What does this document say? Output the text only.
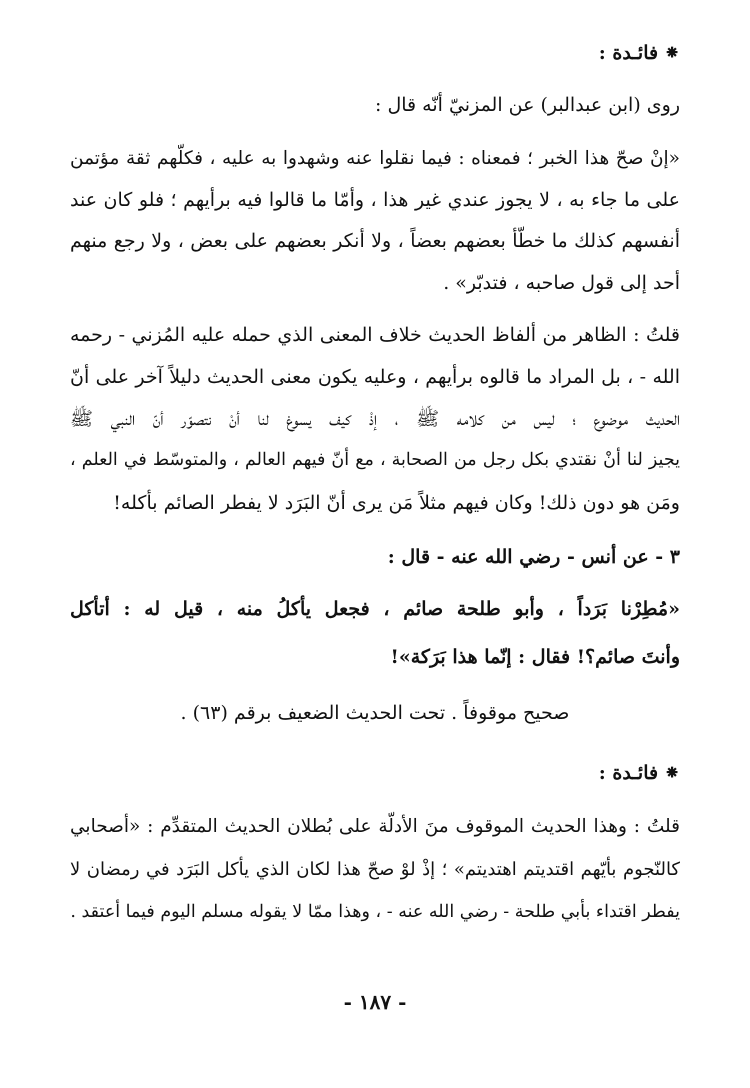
⁕فائـدة :
روى (ابن عبدالبر) عن المزنيّ أنّه قال :
«إنْ صحّ هذا الخبر ؛ فمعناه : فيما نقلوا عنه وشهدوا به عليه ، فكلّهم ثقة مؤتمن
على ما جاء به ، لا يجوز عندي غير هذا ، وأمّا ما قالوا فيه برأيهم ؛ فلو كان عند
أنفسهم كذلك ما خطّأ بعضهم بعضاً ، ولا أنكر بعضهم على بعض ، ولا رجع منهم
أحد إلى قول صاحبه ، فتدبّر» .
قلتُ : الظاهر من ألفاظ الحديث خلاف المعنى الذي حمله عليه المُزني - رحمه
الله - ، بل المراد ما قالوه برأيهم ، وعليه يكون معنى الحديث دليلاً آخر على أنّ
الحديث موضوع ؛ ليس من كلامه ﷺ ، إذْ كيف يسوغ لنا أنْ نتصوّر أنّ النبي ﷺ
يجيز لنا أنْ نقتدي بكل رجل من الصحابة ، مع أنّ فيهم العالم ، والمتوسّط في العلم ،
ومَن هو دون ذلك! وكان فيهم مثلاً مَن يرى أنّ البَرَد لا يفطر الصائم بأكله!
٣ - عن أنس - رضي الله عنه - قال :
«مُطِرْنا بَرَداً ، وأبو طلحة صائم ، فجعل يأكلُ منه ، قيل له : أتأكل
وأنتَ صائم؟! فقال : إنّما هذا بَرَكة»!
صحيح موقوفاً . تحت الحديث الضعيف برقم (٦٣) .
⁕فائـدة :
قلتُ : وهذا الحديث الموقوف منَ الأدلّة على بُطلان الحديث المتقدِّم : «أصحابي
كالنّجوم بأيّهم اقتديتم اهتديتم» ؛ إذْ لوْ صحّ هذا لكان الذي يأكل البَرَد في رمضان لا
يفطر اقتداء بأبي طلحة - رضي الله عنه - ، وهذا ممّا لا يقوله مسلم اليوم فيما أعتقد .
- ١٨٧ -
